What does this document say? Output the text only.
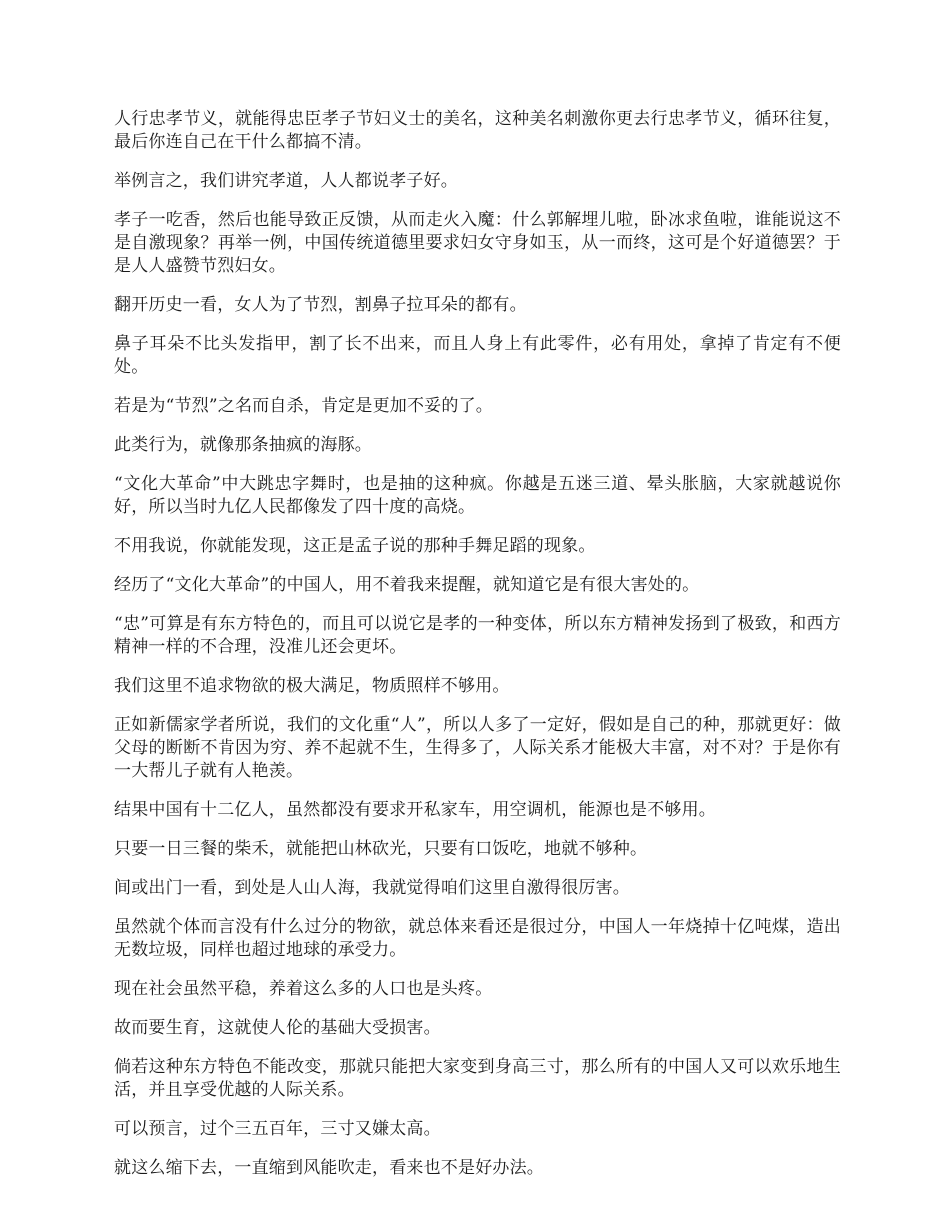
人行忠孝节义，就能得忠臣孝子节妇义士的美名，这种美名刺激你更去行忠孝节义，循环往复，最后你连自己在干什么都搞不清。

举例言之，我们讲究孝道，人人都说孝子好。

孝子一吃香，然后也能导致正反馈，从而走火入魔：什么郭解埋儿啦，卧冰求鱼啦，谁能说这不是自激现象？再举一例，中国传统道德里要求妇女守身如玉，从一而终，这可是个好道德罢？于是人人盛赞节烈妇女。

翻开历史一看，女人为了节烈，割鼻子拉耳朵的都有。

鼻子耳朵不比头发指甲，割了长不出来，而且人身上有此零件，必有用处，拿掉了肯定有不便处。

若是为“节烈”之名而自杀，肯定是更加不妥的了。

此类行为，就像那条抽疯的海豚。

“文化大革命”中大跳忠字舞时，也是抽的这种疯。你越是五迷三道、晕头胀脑，大家就越说你好，所以当时九亿人民都像发了四十度的高烧。

不用我说，你就能发现，这正是孟子说的那种手舞足蹈的现象。

经历了“文化大革命”的中国人，用不着我来提醒，就知道它是有很大害处的。

“忠”可算是有东方特色的，而且可以说它是孝的一种变体，所以东方精神发扬到了极致，和西方精神一样的不合理，没准儿还会更坏。

我们这里不追求物欲的极大满足，物质照样不够用。

正如新儒家学者所说，我们的文化重“人”，所以人多了一定好，假如是自己的种，那就更好：做父母的断断不肯因为穷、养不起就不生，生得多了，人际关系才能极大丰富，对不对？于是你有一大帮儿子就有人艳羡。

结果中国有十二亿人，虽然都没有要求开私家车，用空调机，能源也是不够用。

只要一日三餐的柴禾，就能把山林砍光，只要有口饭吃，地就不够种。

间或出门一看，到处是人山人海，我就觉得咱们这里自激得很厉害。

虽然就个体而言没有什么过分的物欲，就总体来看还是很过分，中国人一年烧掉十亿吨煤，造出无数垃圾，同样也超过地球的承受力。

现在社会虽然平稳，养着这么多的人口也是头疼。

故而要生育，这就使人伦的基础大受损害。

倘若这种东方特色不能改变，那就只能把大家变到身高三寸，那么所有的中国人又可以欢乐地生活，并且享受优越的人际关系。

可以预言，过个三五百年，三寸又嫌太高。

就这么缩下去，一直缩到风能吹走，看来也不是好办法。
